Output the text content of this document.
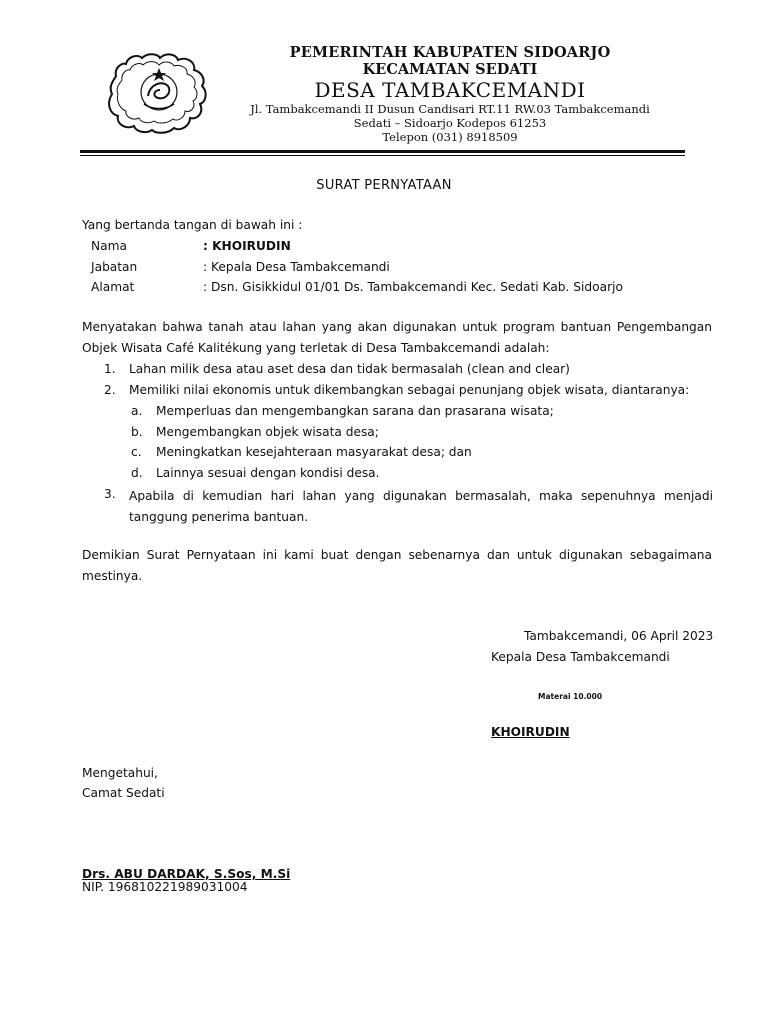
PEMERINTAH KABUPATEN SIDOARJO
KECAMATAN SEDATI
DESA TAMBAKCEMANDI
Jl. Tambakcemandi II Dusun Candisari RT.11 RW.03 Tambakcemandi
Sedati – Sidoarjo Kodepos 61253
Telepon (031) 8918509
SURAT PERNYATAAN
Yang bertanda tangan di bawah ini :
Nama	: KHOIRUDIN
Jabatan	: Kepala Desa Tambakcemandi
Alamat	: Dsn. Gisikkidul 01/01 Ds. Tambakcemandi Kec. Sedati Kab. Sidoarjo
Menyatakan bahwa tanah atau lahan yang akan digunakan untuk program bantuan Pengembangan Objek Wisata Café Kalitékung yang terletak di Desa Tambakcemandi adalah:
1. Lahan milik desa atau aset desa dan tidak bermasalah (clean and clear)
2. Memiliki nilai ekonomis untuk dikembangkan sebagai penunjang objek wisata, diantaranya:
a. Memperluas dan mengembangkan sarana dan prasarana wisata;
b. Mengembangkan objek wisata desa;
c. Meningkatkan kesejahteraan masyarakat desa; dan
d. Lainnya sesuai dengan kondisi desa.
3. Apabila di kemudian hari lahan yang digunakan bermasalah, maka sepenuhnya menjadi tanggung penerima bantuan.
Demikian Surat Pernyataan ini kami buat dengan sebenarnya dan untuk digunakan sebagaimana mestinya.
Tambakcemandi, 06 April 2023
Kepala Desa Tambakcemandi
Materai 10.000
KHOIRUDIN
Mengetahui,
Camat Sedati
Drs. ABU DARDAK, S.Sos, M.Si
NIP. 196810221989031004
